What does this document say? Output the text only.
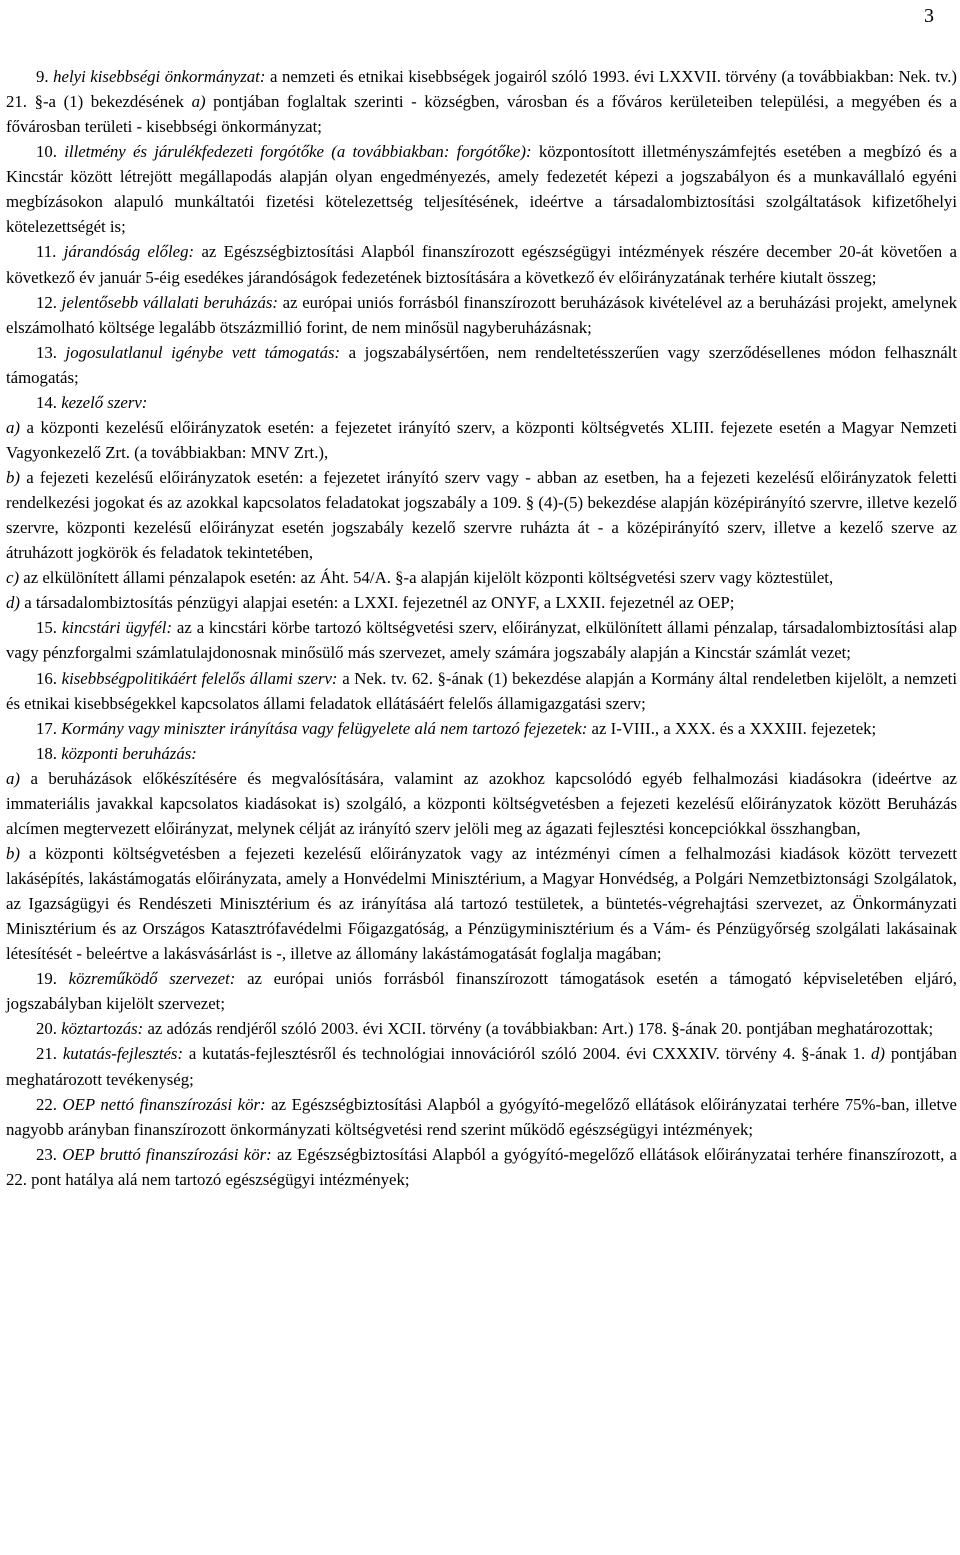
3

9. helyi kisebbségi önkormányzat: a nemzeti és etnikai kisebbségek jogairól szóló 1993. évi LXXVII. törvény (a továbbiakban: Nek. tv.) 21. §-a (1) bekezdésének a) pontjában foglaltak szerinti - községben, városban és a főváros kerületeiben települési, a megyében és a fővárosban területi - kisebbségi önkormányzat;

10. illetmény és járulékfedezeti forgótőke (a továbbiakban: forgótőke): központosított illetményszámfejtés esetében a megbízó és a Kincstár között létrejött megállapodás alapján olyan engedményezés, amely fedezetét képezi a jogszabályon és a munkavállaló egyéni megbízásokon alapuló munkáltatói fizetési kötelezettség teljesítésének, ideértve a társadalombiztosítási szolgáltatások kifizetőhelyi kötelezettségét is;

11. járandóság előleg: az Egészségbiztosítási Alapból finanszírozott egészségügyi intézmények részére december 20-át követően a következő év január 5-éig esedékes járandóságok fedezetének biztosítására a következő év előirányzatának terhére kiutalt összeg;

12. jelentősebb vállalati beruházás: az európai uniós forrásból finanszírozott beruházások kivételével az a beruházási projekt, amelynek elszámolható költsége legalább ötszázmillió forint, de nem minősül nagyberuházásnak;

13. jogosulatlanul igénybe vett támogatás: a jogszabálysértően, nem rendeltetésszerűen vagy szerződésellenes módon felhasznált támogatás;

14. kezelő szerv:

a) a központi kezelésű előirányzatok esetén: a fejezetet irányító szerv, a központi költségvetés XLIII. fejezete esetén a Magyar Nemzeti Vagyonkezelő Zrt. (a továbbiakban: MNV Zrt.),

b) a fejezeti kezelésű előirányzatok esetén: a fejezetet irányító szerv vagy - abban az esetben, ha a fejezeti kezelésű előirányzatok feletti rendelkezési jogokat és az azokkal kapcsolatos feladatokat jogszabály a 109. § (4)-(5) bekezdése alapján középirányító szervre, illetve kezelő szervre, központi kezelésű előirányzat esetén jogszabály kezelő szervre ruházta át - a középirányító szerv, illetve a kezelő szerve az átruházott jogkörök és feladatok tekintetében,

c) az elkülönített állami pénzalapok esetén: az Áht. 54/A. §-a alapján kijelölt központi költségvetési szerv vagy köztestület,

d) a társadalombiztosítás pénzügyi alapjai esetén: a LXXI. fejezetnél az ONYF, a LXXII. fejezetnél az OEP;

15. kincstári ügyfél: az a kincstári körbe tartozó költségvetési szerv, előirányzat, elkülönített állami pénzalap, társadalombiztosítási alap vagy pénzforgalmi számlatulajdonosnak minősülő más szervezet, amely számára jogszabály alapján a Kincstár számlát vezet;

16. kisebbségpolitikáért felelős állami szerv: a Nek. tv. 62. §-ának (1) bekezdése alapján a Kormány által rendeletben kijelölt, a nemzeti és etnikai kisebbségekkel kapcsolatos állami feladatok ellátásáért felelős államigazgatási szerv;

17. Kormány vagy miniszter irányítása vagy felügyelete alá nem tartozó fejezetek: az I-VIII., a XXX. és a XXXIII. fejezetek;

18. központi beruházás:

a) a beruházások előkészítésére és megvalósítására, valamint az azokhoz kapcsolódó egyéb felhalmozási kiadásokra (ideértve az immateriális javakkal kapcsolatos kiadásokat is) szolgáló, a központi költségvetésben a fejezeti kezelésű előirányzatok között Beruházás alcímen megtervezett előirányzat, melynek célját az irányító szerv jelöli meg az ágazati fejlesztési koncepciókkal összhangban,

b) a központi költségvetésben a fejezeti kezelésű előirányzatok vagy az intézményi címen a felhalmozási kiadások között tervezett lakásépítés, lakástámogatás előirányzata, amely a Honvédelmi Minisztérium, a Magyar Honvédség, a Polgári Nemzetbiztonsági Szolgálatok, az Igazságügyi és Rendészeti Minisztérium és az irányítása alá tartozó testületek, a büntetés-végrehajtási szervezet, az Önkormányzati Minisztérium és az Országos Katasztrófavédelmi Főigazgatóság, a Pénzügyminisztérium és a Vám- és Pénzügyőrség szolgálati lakásainak létesítését - beleértve a lakásvásárlást is -, illetve az állomány lakástámogatását foglalja magában;

19. közreműködő szervezet: az európai uniós forrásból finanszírozott támogatások esetén a támogató képviseletében eljáró, jogszabályban kijelölt szervezet;

20. köztartozás: az adózás rendjéről szóló 2003. évi XCII. törvény (a továbbiakban: Art.) 178. §-ának 20. pontjában meghatározottak;

21. kutatás-fejlesztés: a kutatás-fejlesztésről és technológiai innovációról szóló 2004. évi CXXXIV. törvény 4. §-ának 1. d) pontjában meghatározott tevékenység;

22. OEP nettó finanszírozási kör: az Egészségbiztosítási Alapból a gyógyító-megelőző ellátások előirányzatai terhére 75%-ban, illetve nagyobb arányban finanszírozott önkormányzati költségvetési rend szerint működő egészségügyi intézmények;

23. OEP bruttó finanszírozási kör: az Egészségbiztosítási Alapból a gyógyító-megelőző ellátások előirányzatai terhére finanszírozott, a 22. pont hatálya alá nem tartozó egészségügyi intézmények;
